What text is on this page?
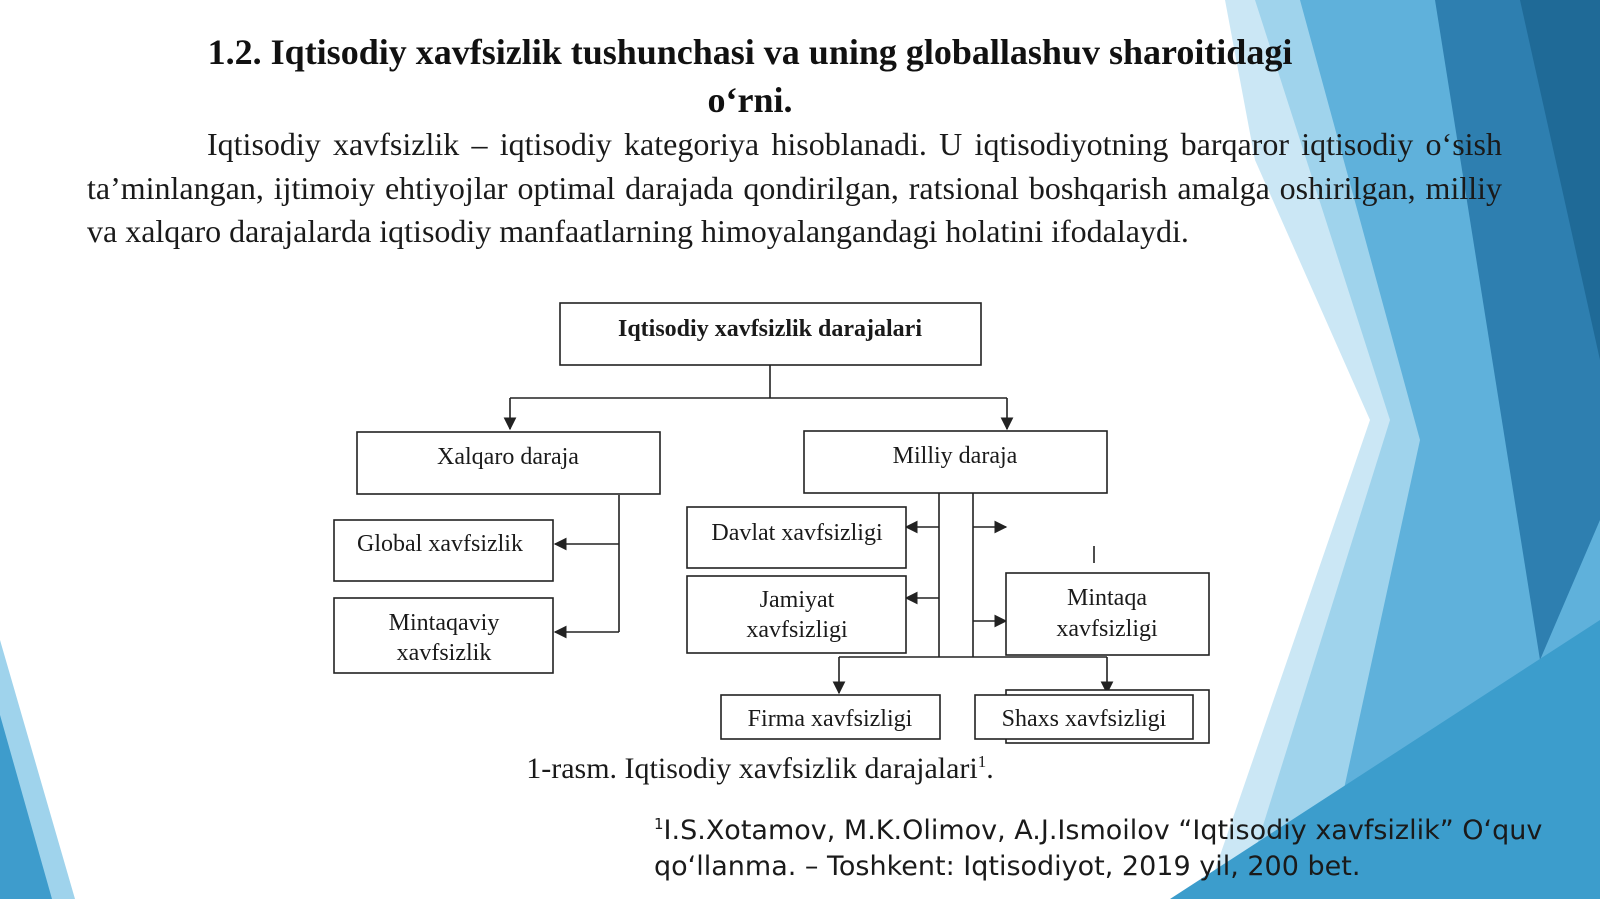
1.2. Iqtisodiy xavfsizlik tushunchasi va uning globallashuv sharoitidagi
o‘rni.

Iqtisodiy xavfsizlik – iqtisodiy kategoriya hisoblanadi. U iqtisodiyotning barqaror iqtisodiy o‘sish ta’minlangan, ijtimoiy ehtiyojlar optimal darajada qondirilgan, ratsional boshqarish amalga oshirilgan, milliy va xalqaro darajalarda iqtisodiy manfaatlarning himoyalangandagi holatini ifodalaydi.

Iqtisodiy xavfsizlik darajalari
Xalqaro daraja	Milliy daraja
Global xavfsizlik
Mintaqaviy
xavfsizlik
Davlat xavfsizligi
Jamiyat
xavfsizligi
Mintaqa
xavfsizligi
Firma xavfsizligi	Shaxs xavfsizligi

1-rasm. Iqtisodiy xavfsizlik darajalari$^1$.

$^1$I.S.Xotamov, M.K.Olimov, A.J.Ismoilov “Iqtisodiy xavfsizlik” O‘quv
qo‘llanma. – Toshkent: Iqtisodiyot, 2019 yil, 200 bet.
